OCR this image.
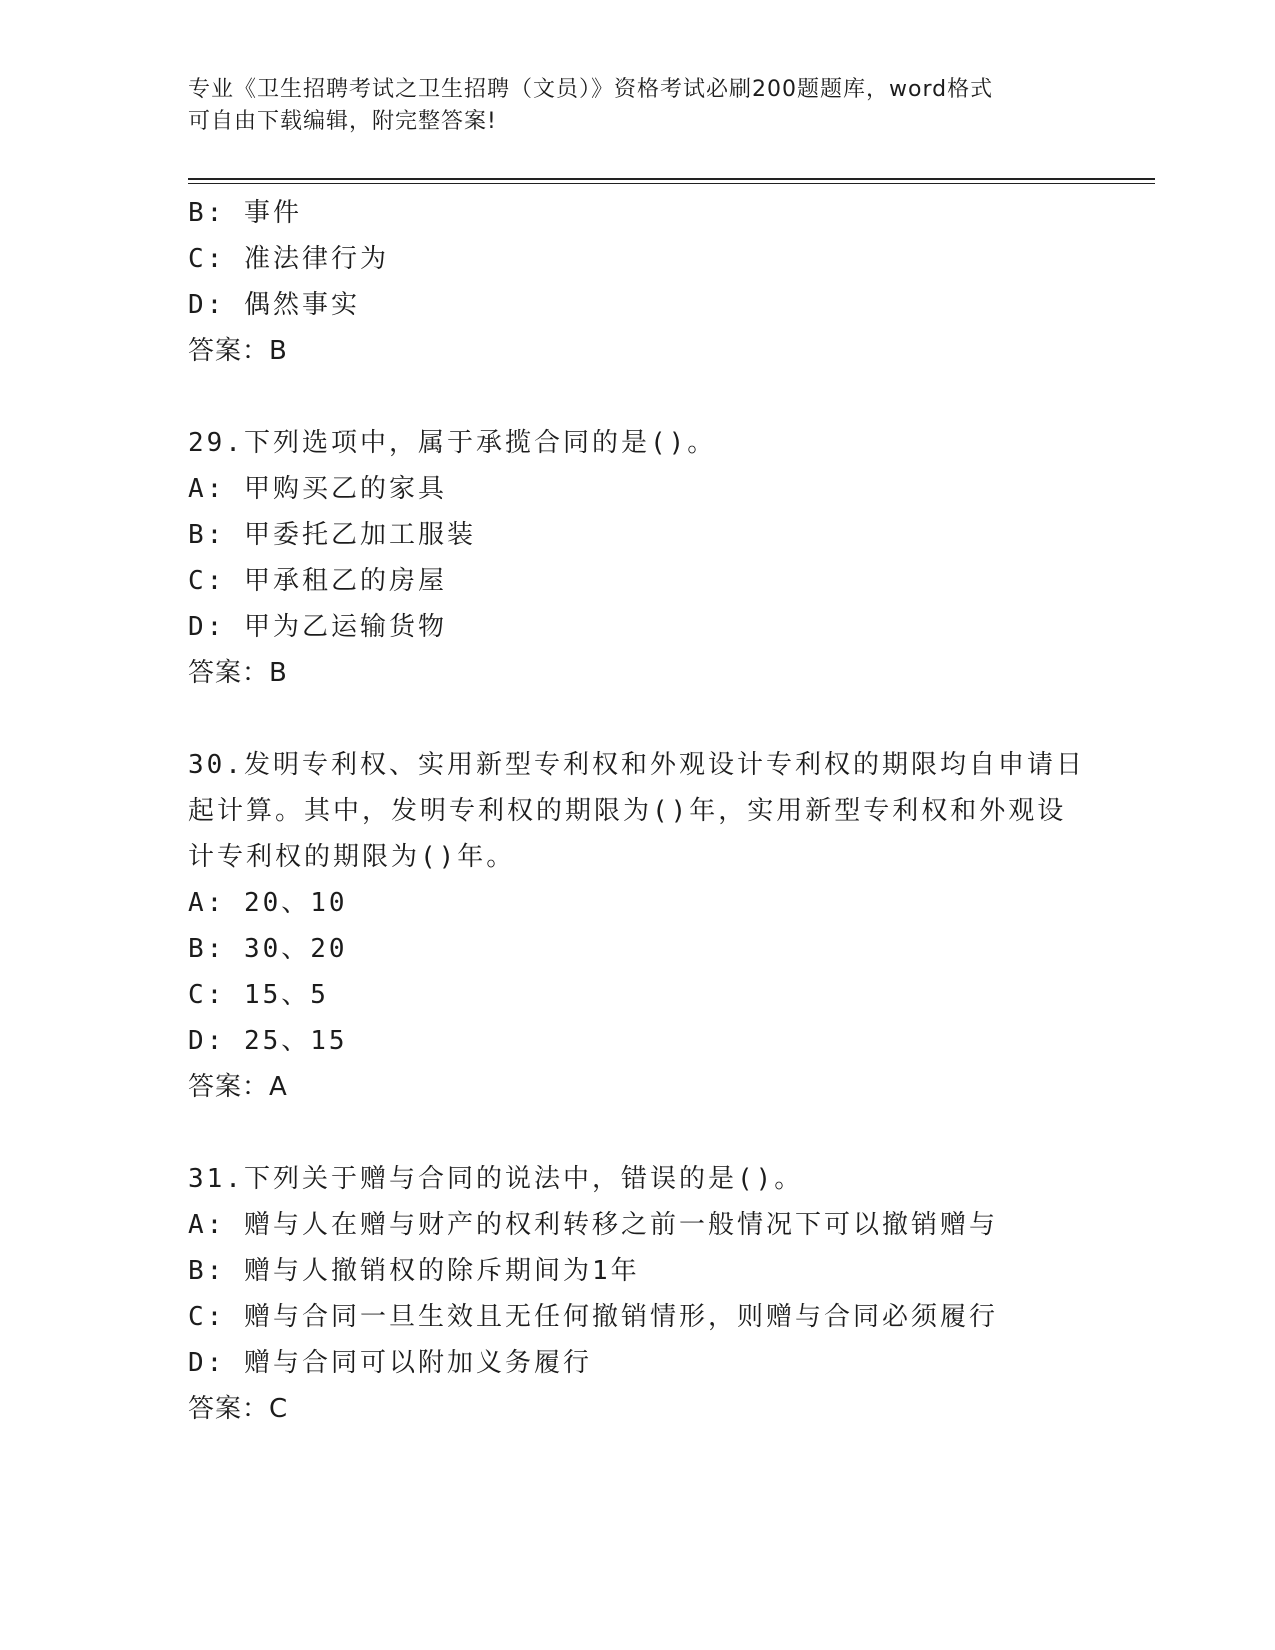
专业《卫生招聘考试之卫生招聘（文员）》资格考试必刷200题题库，word格式
可自由下载编辑，附完整答案!
B: 事件
C: 准法律行为
D: 偶然事实
答案：B
29.下列选项中，属于承揽合同的是()。
A: 甲购买乙的家具
B: 甲委托乙加工服装
C: 甲承租乙的房屋
D: 甲为乙运输货物
答案：B
30.发明专利权、实用新型专利权和外观设计专利权的期限均自申请日
起计算。其中，发明专利权的期限为()年，实用新型专利权和外观设
计专利权的期限为()年。
A: 20、10
B: 30、20
C: 15、5
D: 25、15
答案：A
31.下列关于赠与合同的说法中，错误的是()。
A: 赠与人在赠与财产的权利转移之前一般情况下可以撤销赠与
B: 赠与人撤销权的除斥期间为1年
C: 赠与合同一旦生效且无任何撤销情形，则赠与合同必须履行
D: 赠与合同可以附加义务履行
答案：C
